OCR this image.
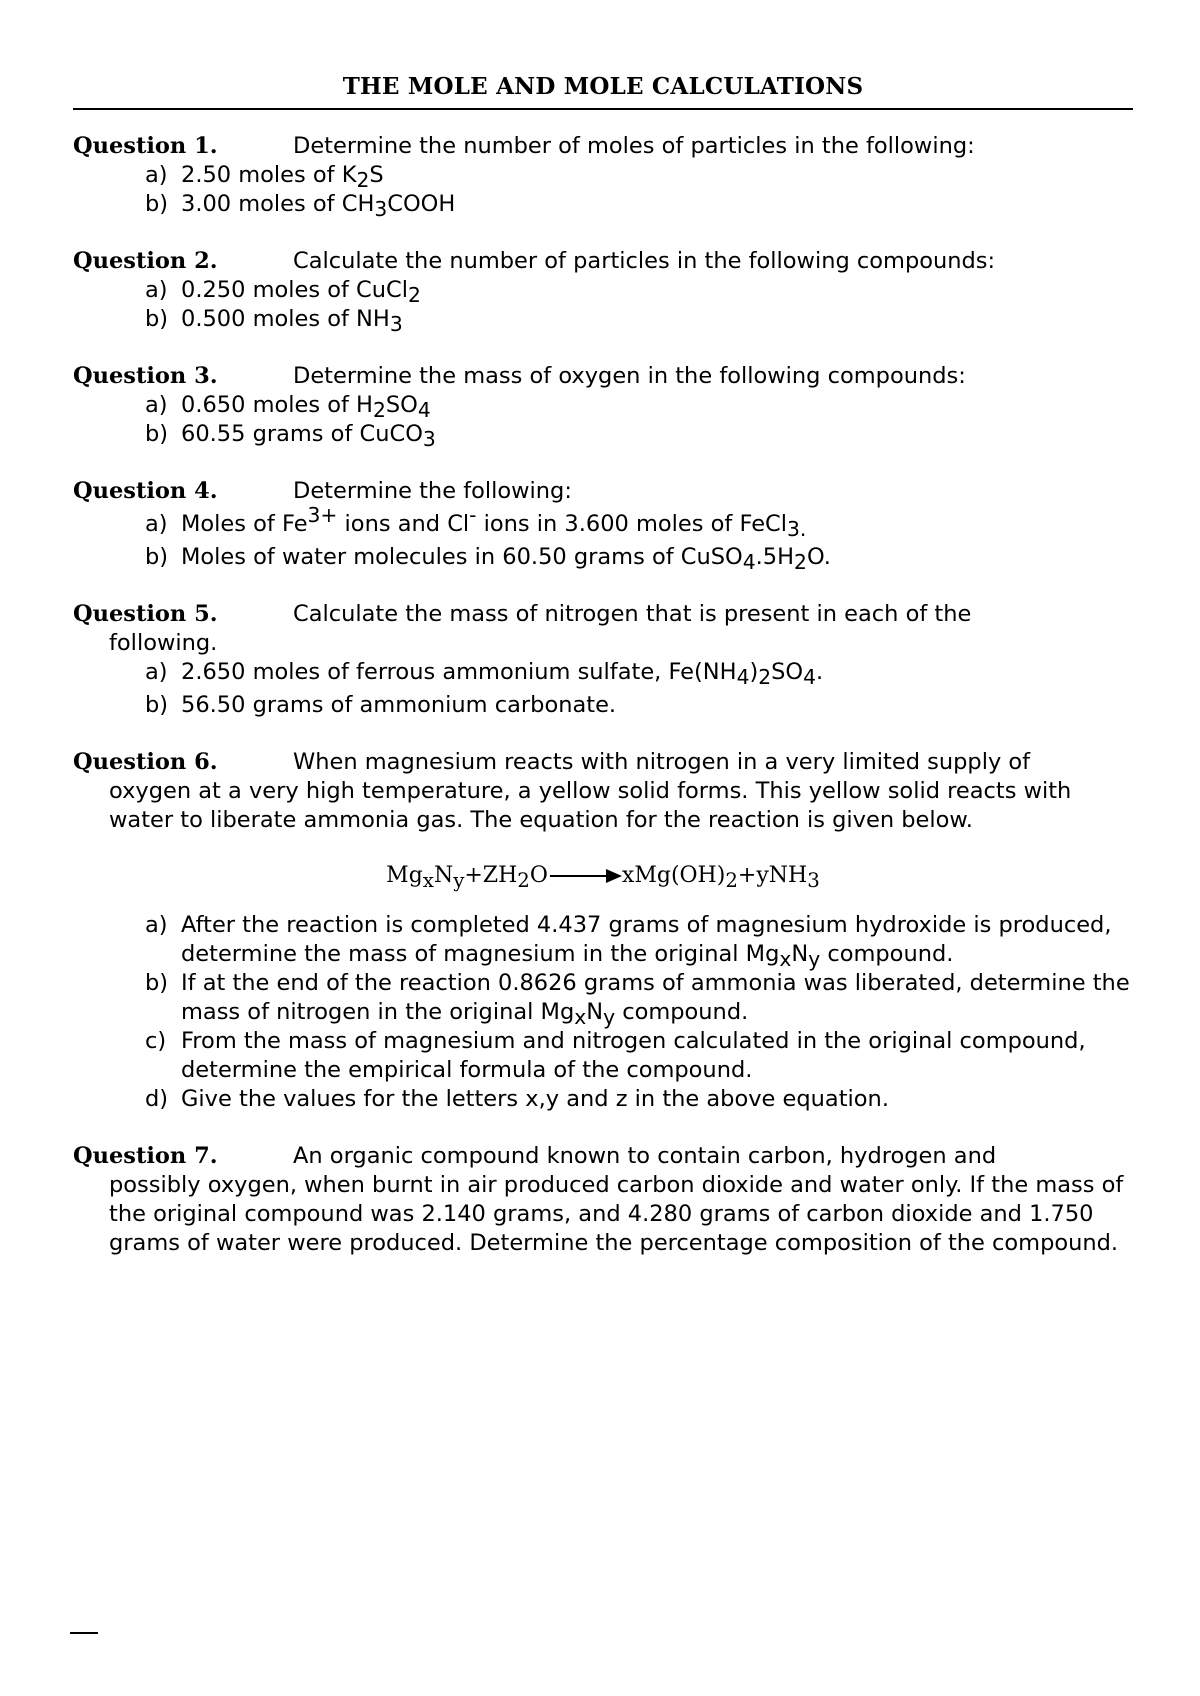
THE MOLE AND MOLE CALCULATIONS
Question 1.	Determine the number of moles of particles in the following:
a) 2.50 moles of $K_2S$
b) 3.00 moles of $CH_3COOH$
Question 2.	Calculate the number of particles in the following compounds:
a) 0.250 moles of CuCl$_2$
b) 0.500 moles of $NH_3$
Question 3.	Determine the mass of oxygen in the following compounds:
a) 0.650 moles of $H_2SO_4$
b) 60.55 grams of CuCO$_3$
Question 4.	Determine the following:
a) Moles of $Fe^{3+}$ ions and Cl- ions in 3.600 moles of FeCl$_{3.}$
b) Moles of water molecules in 60.50 grams of $CuSO_4.5H_2O$.
Question 5.	Calculate the mass of nitrogen that is present in each of the
following.
a) 2.650 moles of ferrous ammonium sulfate, $Fe(NH_4)_2SO_4$.
b) 56.50 grams of ammonium carbonate.
Question 6.	When magnesium reacts with nitrogen in a very limited supply of
oxygen at a very high temperature, a yellow solid forms. This yellow solid reacts with water to liberate ammonia gas. The equation for the reaction is given below.
$Mg_xN_y+ZH_2O \to xMg(OH)_2+yNH_3$
a) After the reaction is completed 4.437 grams of magnesium hydroxide is produced, determine the mass of magnesium in the original $Mg_xN_y$ compound.
b) If at the end of the reaction 0.8626 grams of ammonia was liberated, determine the mass of nitrogen in the original $Mg_xN_y$ compound.
c) From the mass of magnesium and nitrogen calculated in the original compound, determine the empirical formula of the compound.
d) Give the values for the letters x,y and z in the above equation.
Question 7.	An organic compound known to contain carbon, hydrogen and
possibly oxygen, when burnt in air produced carbon dioxide and water only. If the mass of the original compound was 2.140 grams, and 4.280 grams of carbon dioxide and 1.750 grams of water were produced. Determine the percentage composition of the compound.
